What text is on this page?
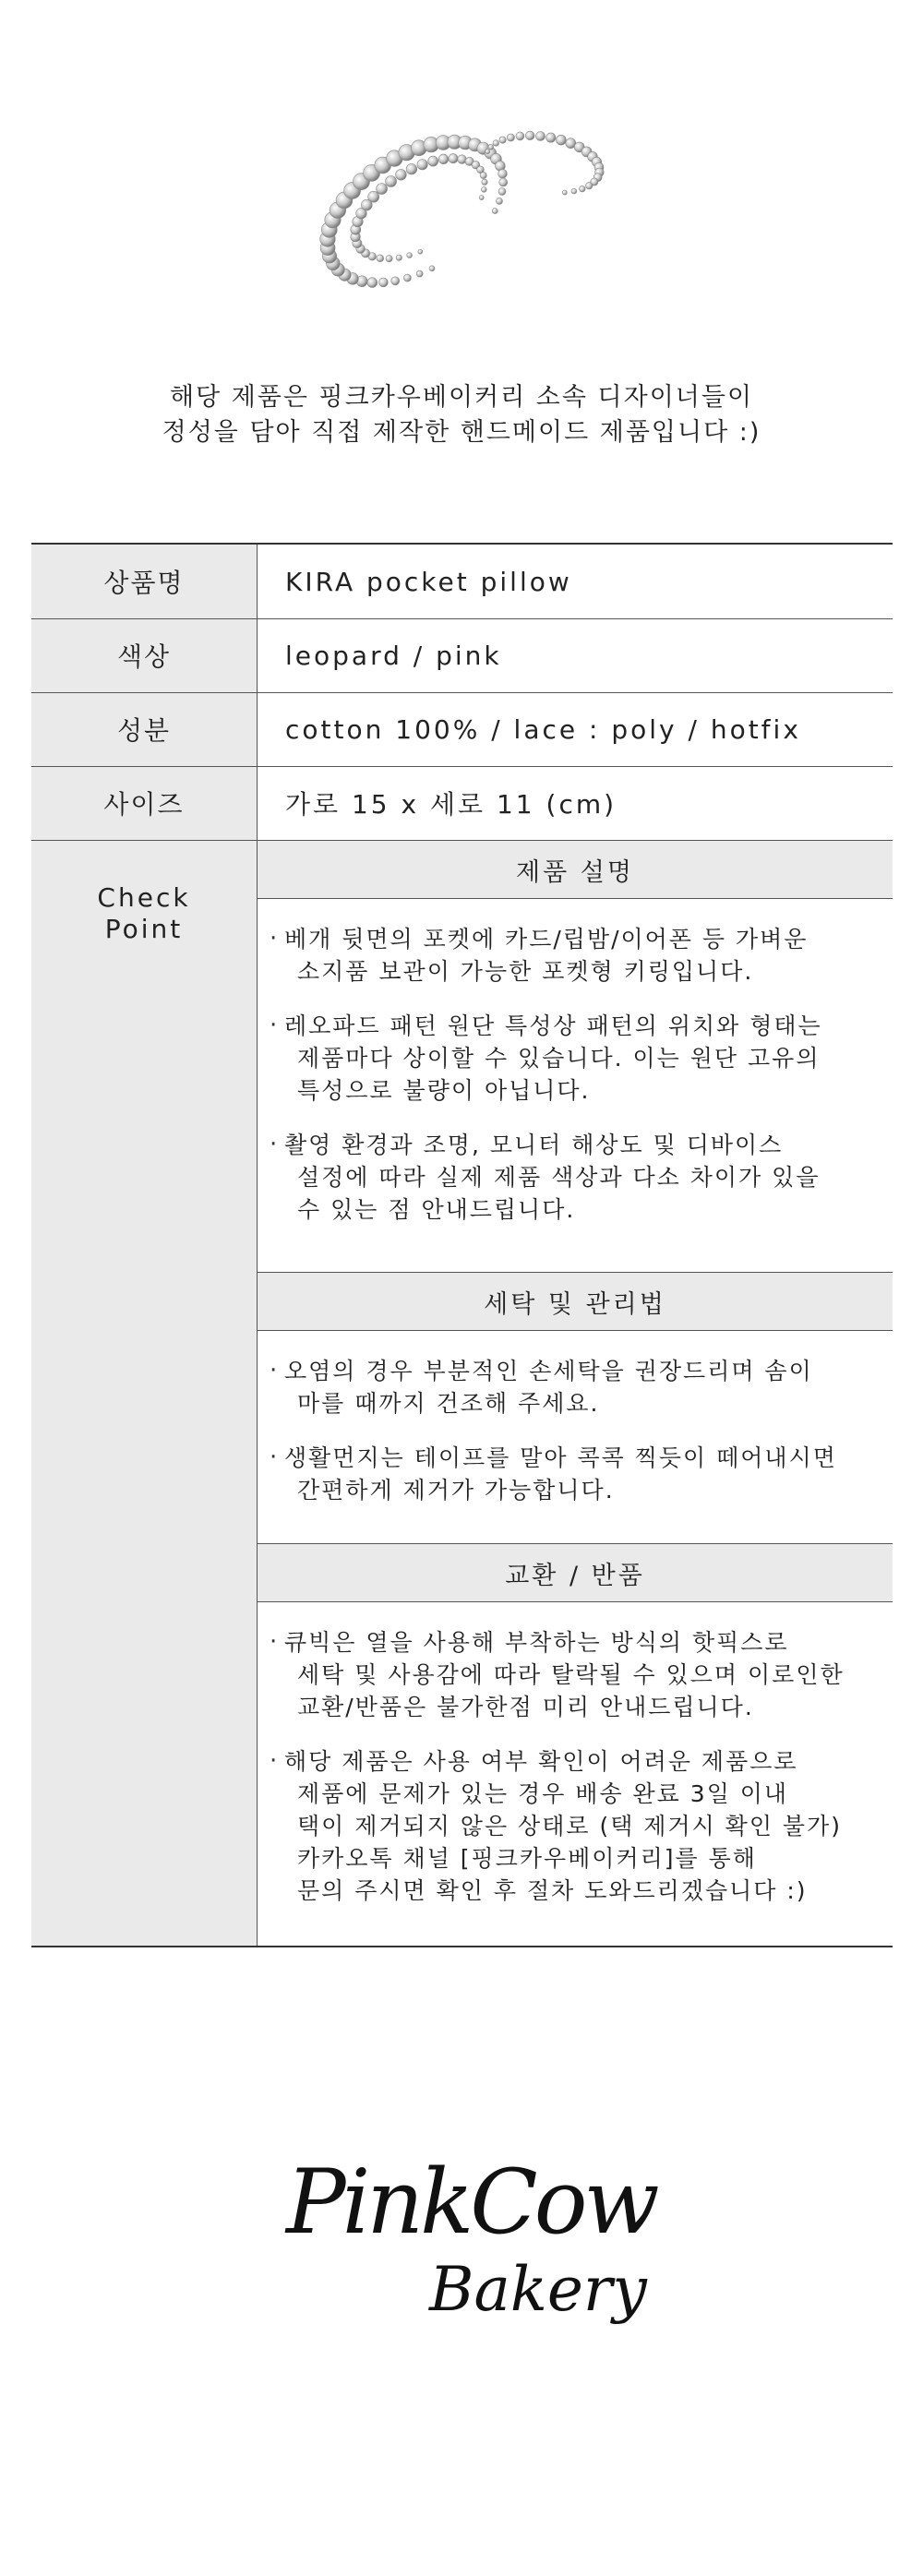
해당 제품은 핑크카우베이커리 소속 디자이너들이
정성을 담아 직접 제작한 핸드메이드 제품입니다 :)
상품명	KIRA pocket pillow
색상	leopard / pink
성분	cotton 100% / lace : poly / hotfix
사이즈	가로 15 x 세로 11 (cm)
Check
Point
제품 설명
· 베개 뒷면의 포켓에 카드/립밤/이어폰 등 가벼운
소지품 보관이 가능한 포켓형 키링입니다.
· 레오파드 패턴 원단 특성상 패턴의 위치와 형태는
제품마다 상이할 수 있습니다. 이는 원단 고유의
특성으로 불량이 아닙니다.
· 촬영 환경과 조명, 모니터 해상도 및 디바이스
설정에 따라 실제 제품 색상과 다소 차이가 있을
수 있는 점 안내드립니다.
세탁 및 관리법
· 오염의 경우 부분적인 손세탁을 권장드리며 솜이
마를 때까지 건조해 주세요.
· 생활먼지는 테이프를 말아 콕콕 찍듯이 떼어내시면
간편하게 제거가 가능합니다.
교환 / 반품
· 큐빅은 열을 사용해 부착하는 방식의 핫픽스로
세탁 및 사용감에 따라 탈락될 수 있으며 이로인한
교환/반품은 불가한점 미리 안내드립니다.
· 해당 제품은 사용 여부 확인이 어려운 제품으로
제품에 문제가 있는 경우 배송 완료 3일 이내
택이 제거되지 않은 상태로 (택 제거시 확인 불가)
카카오톡 채널 [핑크카우베이커리]를 통해
문의 주시면 확인 후 절차 도와드리겠습니다 :)
PinkCow
Bakery
